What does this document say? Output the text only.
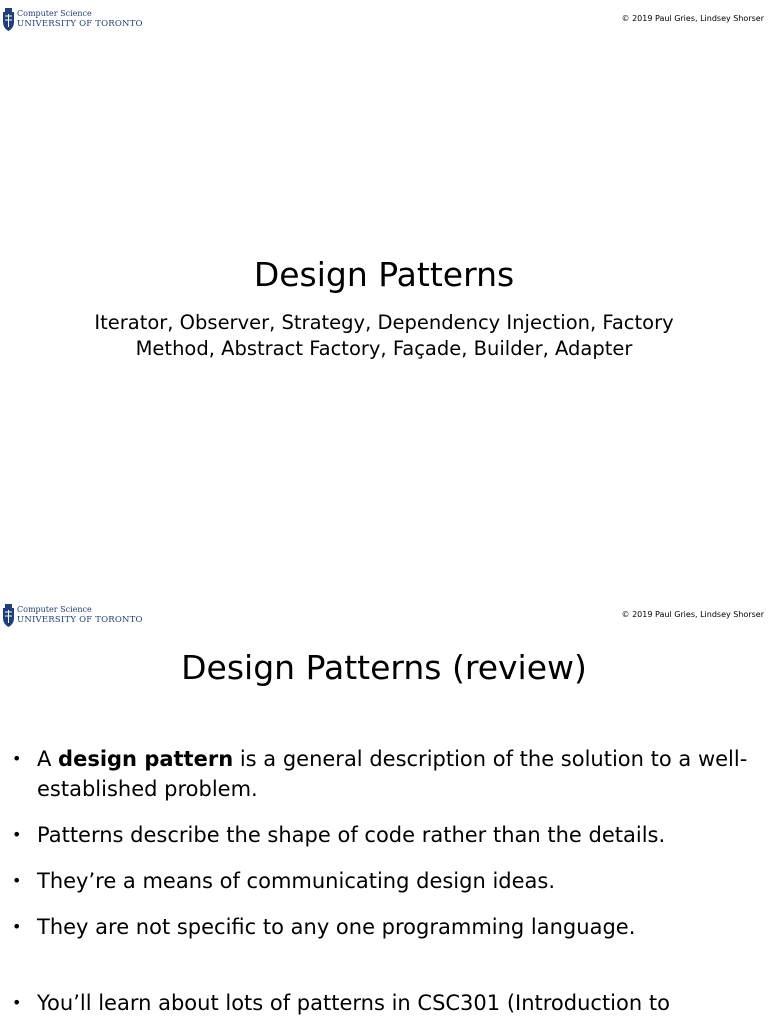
Computer Science
UNIVERSITY OF TORONTO
© 2019 Paul Gries, Lindsey Shorser
Design Patterns
Iterator, Observer, Strategy, Dependency Injection, Factory
Method, Abstract Factory, Façade, Builder, Adapter
Computer Science
UNIVERSITY OF TORONTO
© 2019 Paul Gries, Lindsey Shorser
Design Patterns (review)
• A design pattern is a general description of the solution to a well-established problem.
• Patterns describe the shape of code rather than the details.
• They’re a means of communicating design ideas.
• They are not specific to any one programming language.
• You’ll learn about lots of patterns in CSC301 (Introduction to
